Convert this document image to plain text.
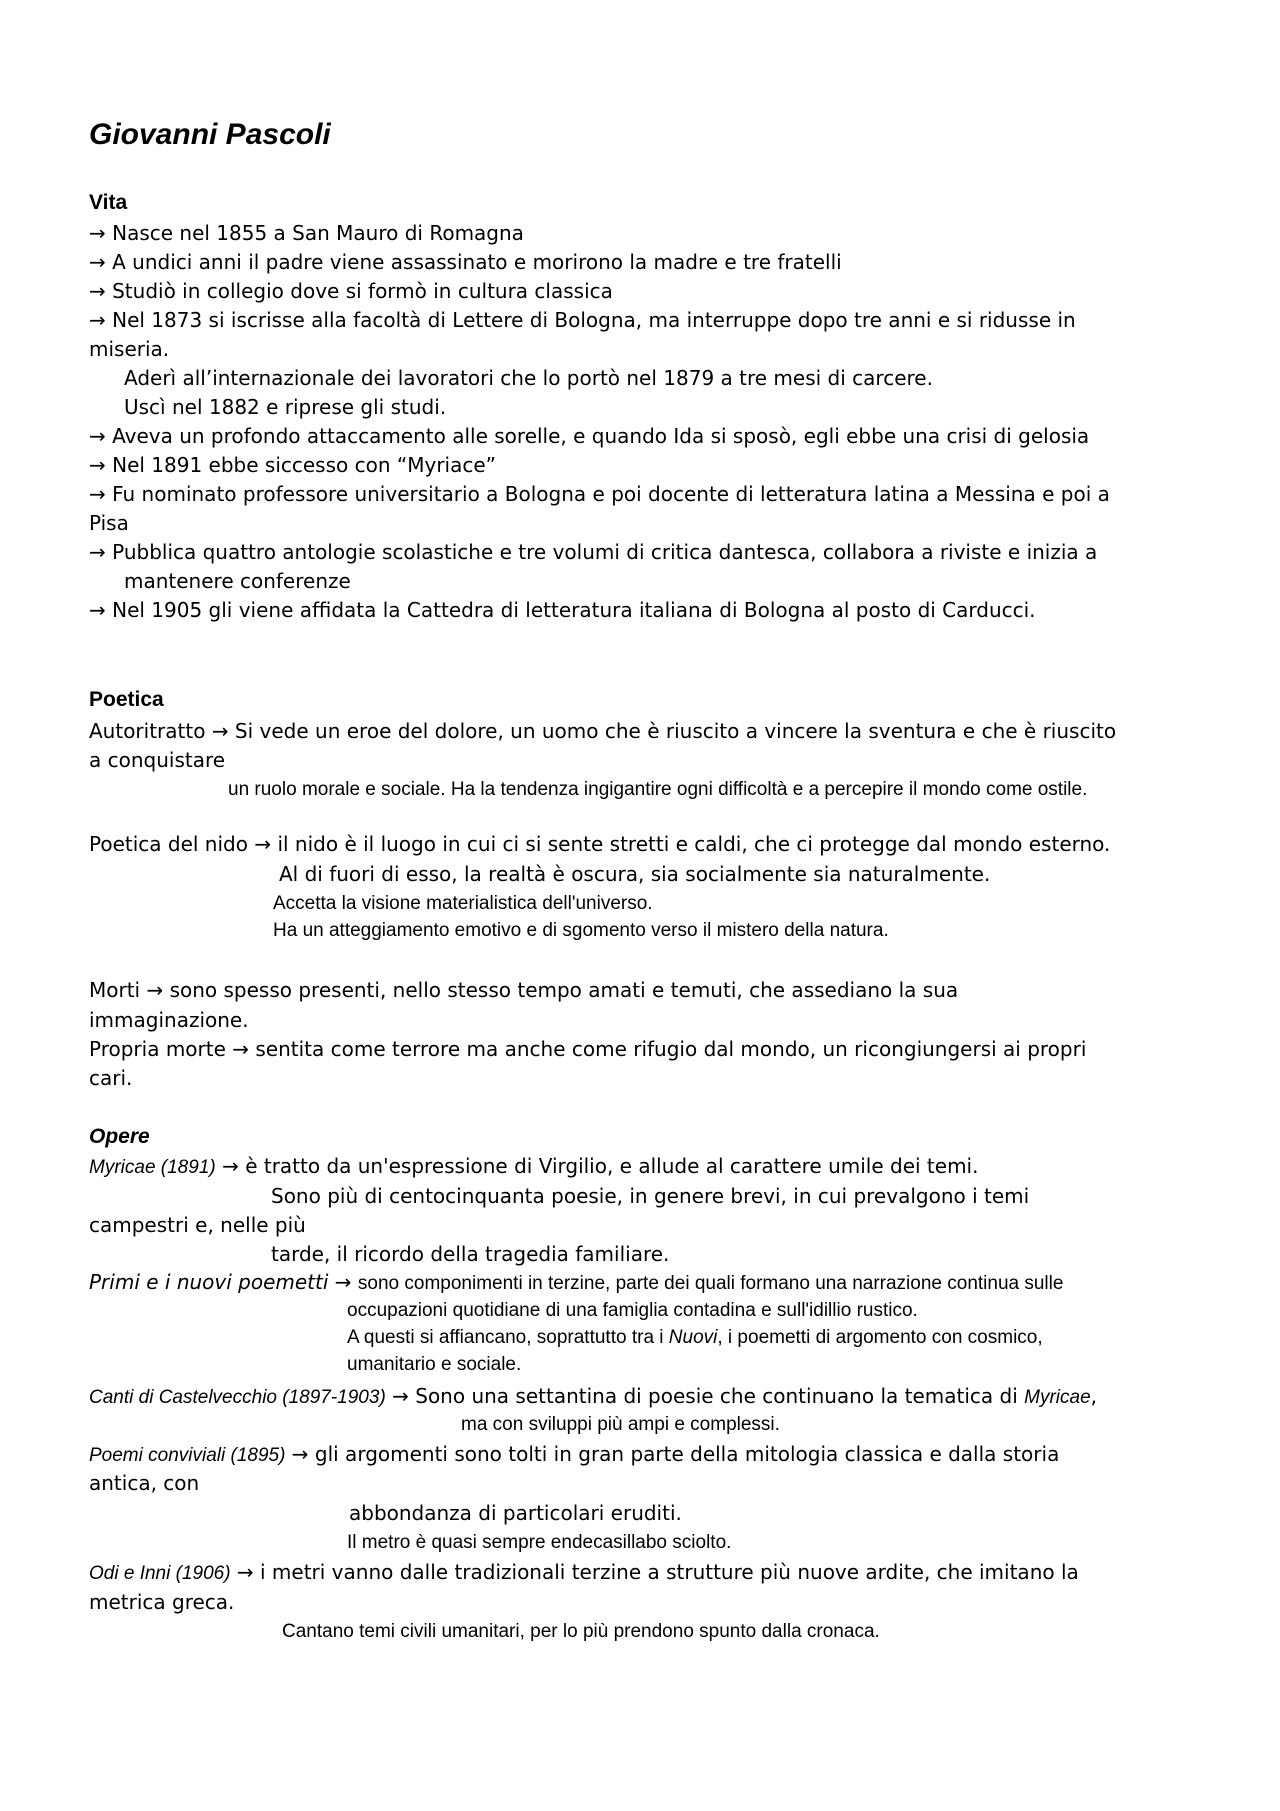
Giovanni Pascoli
Vita
→ Nasce nel 1855 a San Mauro di Romagna
→ A undici anni il padre viene assassinato e morirono la madre e tre fratelli
→ Studiò in collegio dove si formò in cultura classica
→ Nel 1873 si iscrisse alla facoltà di Lettere di Bologna, ma interruppe dopo tre anni e si ridusse in
miseria.
Aderì all’internazionale dei lavoratori che lo portò nel 1879 a tre mesi di carcere.
Uscì nel 1882 e riprese gli studi.
→ Aveva un profondo attaccamento alle sorelle, e quando Ida si sposò, egli ebbe una crisi di gelosia
→ Nel 1891 ebbe siccesso con “Myriace”
→ Fu nominato professore universitario a Bologna e poi docente di letteratura latina a Messina e poi a
Pisa
→ Pubblica quattro antologie scolastiche e tre volumi di critica dantesca, collabora a riviste e inizia a
mantenere conferenze
→ Nel 1905 gli viene affidata la Cattedra di letteratura italiana di Bologna al posto di Carducci.
Poetica
Autoritratto → Si vede un eroe del dolore, un uomo che è riuscito a vincere la sventura e che è riuscito
a conquistare
un ruolo morale e sociale. Ha la tendenza ingigantire ogni difficoltà e a percepire il mondo come ostile.
Poetica del nido → il nido è il luogo in cui ci si sente stretti e caldi, che ci protegge dal mondo esterno.
Al di fuori di esso, la realtà è oscura, sia socialmente sia naturalmente.
Accetta la visione materialistica dell'universo.
Ha un atteggiamento emotivo e di sgomento verso il mistero della natura.
Morti → sono spesso presenti, nello stesso tempo amati e temuti, che assediano la sua
immaginazione.
Propria morte → sentita come terrore ma anche come rifugio dal mondo, un ricongiungersi ai propri
cari.
Opere
Myricae (1891) → è tratto da un'espressione di Virgilio, e allude al carattere umile dei temi.
Sono più di centocinquanta poesie, in genere brevi, in cui prevalgono i temi
campestri e, nelle più
tarde, il ricordo della tragedia familiare.
Primi e i nuovi poemetti → sono componimenti in terzine, parte dei quali formano una narrazione continua sulle
occupazioni quotidiane di una famiglia contadina e sull'idillio rustico.
A questi si affiancano, soprattutto tra i Nuovi, i poemetti di argomento con cosmico,
umanitario e sociale.
Canti di Castelvecchio (1897-1903) → Sono una settantina di poesie che continuano la tematica di Myricae,
ma con sviluppi più ampi e complessi.
Poemi conviviali (1895) → gli argomenti sono tolti in gran parte della mitologia classica e dalla storia
antica, con
abbondanza di particolari eruditi.
Il metro è quasi sempre endecasillabo sciolto.
Odi e Inni (1906) → i metri vanno dalle tradizionali terzine a strutture più nuove ardite, che imitano la
metrica greca.
Cantano temi civili umanitari, per lo più prendono spunto dalla cronaca.
